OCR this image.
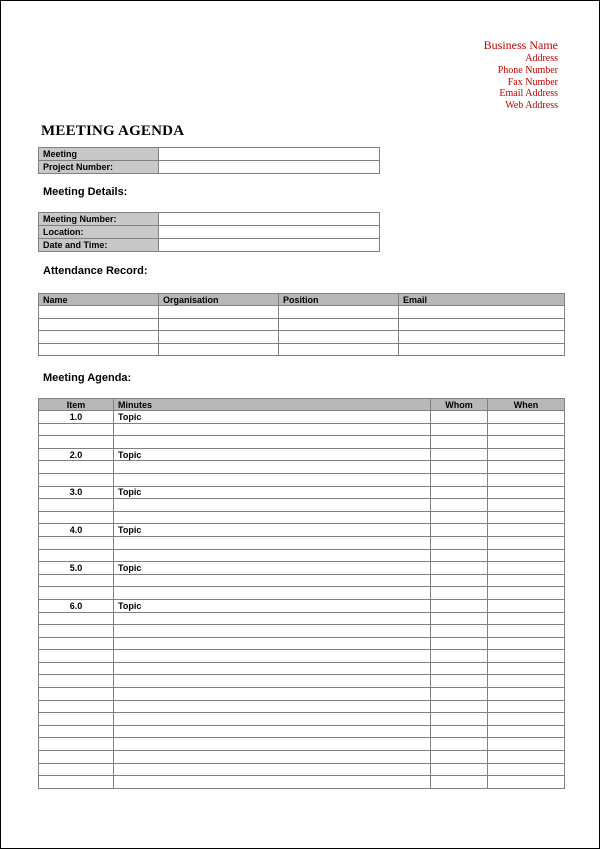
Business Name
Address
Phone Number
Fax Number
Email Address
Web Address
MEETING AGENDA
Meeting	
Project Number:	
Meeting Details:
Meeting Number:	
Location:	
Date and Time:	
Attendance Record:
Name	Organisation	Position	Email

Meeting Agenda:
Item	Minutes	Whom	When
1.0	Topic		

2.0	Topic		

3.0	Topic		

4.0	Topic		

5.0	Topic		

6.0	Topic		
